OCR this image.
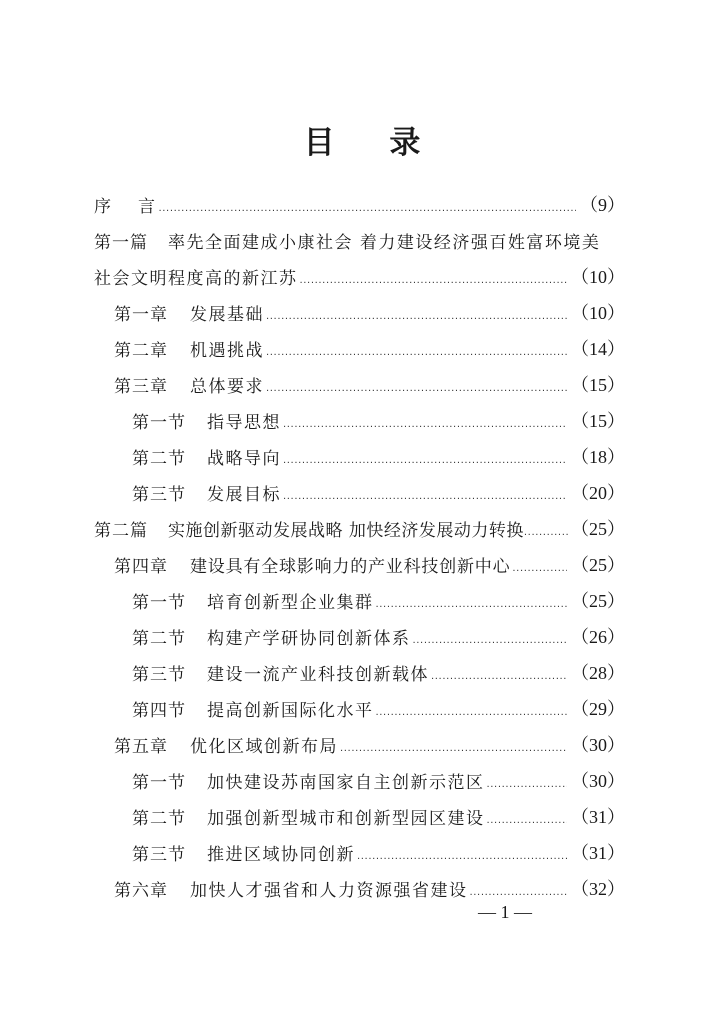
目 录
序 言 .....	（9）
第一篇 率先全面建成小康社会 着力建设经济强百姓富环境美
社会文明程度高的新江苏 .....	（10）
第一章 发展基础 .....	（10）
第二章 机遇挑战 .....	（14）
第三章 总体要求 .....	（15）
第一节 指导思想 .....	（15）
第二节 战略导向 .....	（18）
第三节 发展目标 .....	（20）
第二篇 实施创新驱动发展战略 加快经济发展动力转换 .....	（25）
第四章 建设具有全球影响力的产业科技创新中心 .....	（25）
第一节 培育创新型企业集群 .....	（25）
第二节 构建产学研协同创新体系 .....	（26）
第三节 建设一流产业科技创新载体 .....	（28）
第四节 提高创新国际化水平 .....	（29）
第五章 优化区域创新布局 .....	（30）
第一节 加快建设苏南国家自主创新示范区 .....	（30）
第二节 加强创新型城市和创新型园区建设 .....	（31）
第三节 推进区域协同创新 .....	（31）
第六章 加快人才强省和人力资源强省建设 .....	（32）
— 1 —
